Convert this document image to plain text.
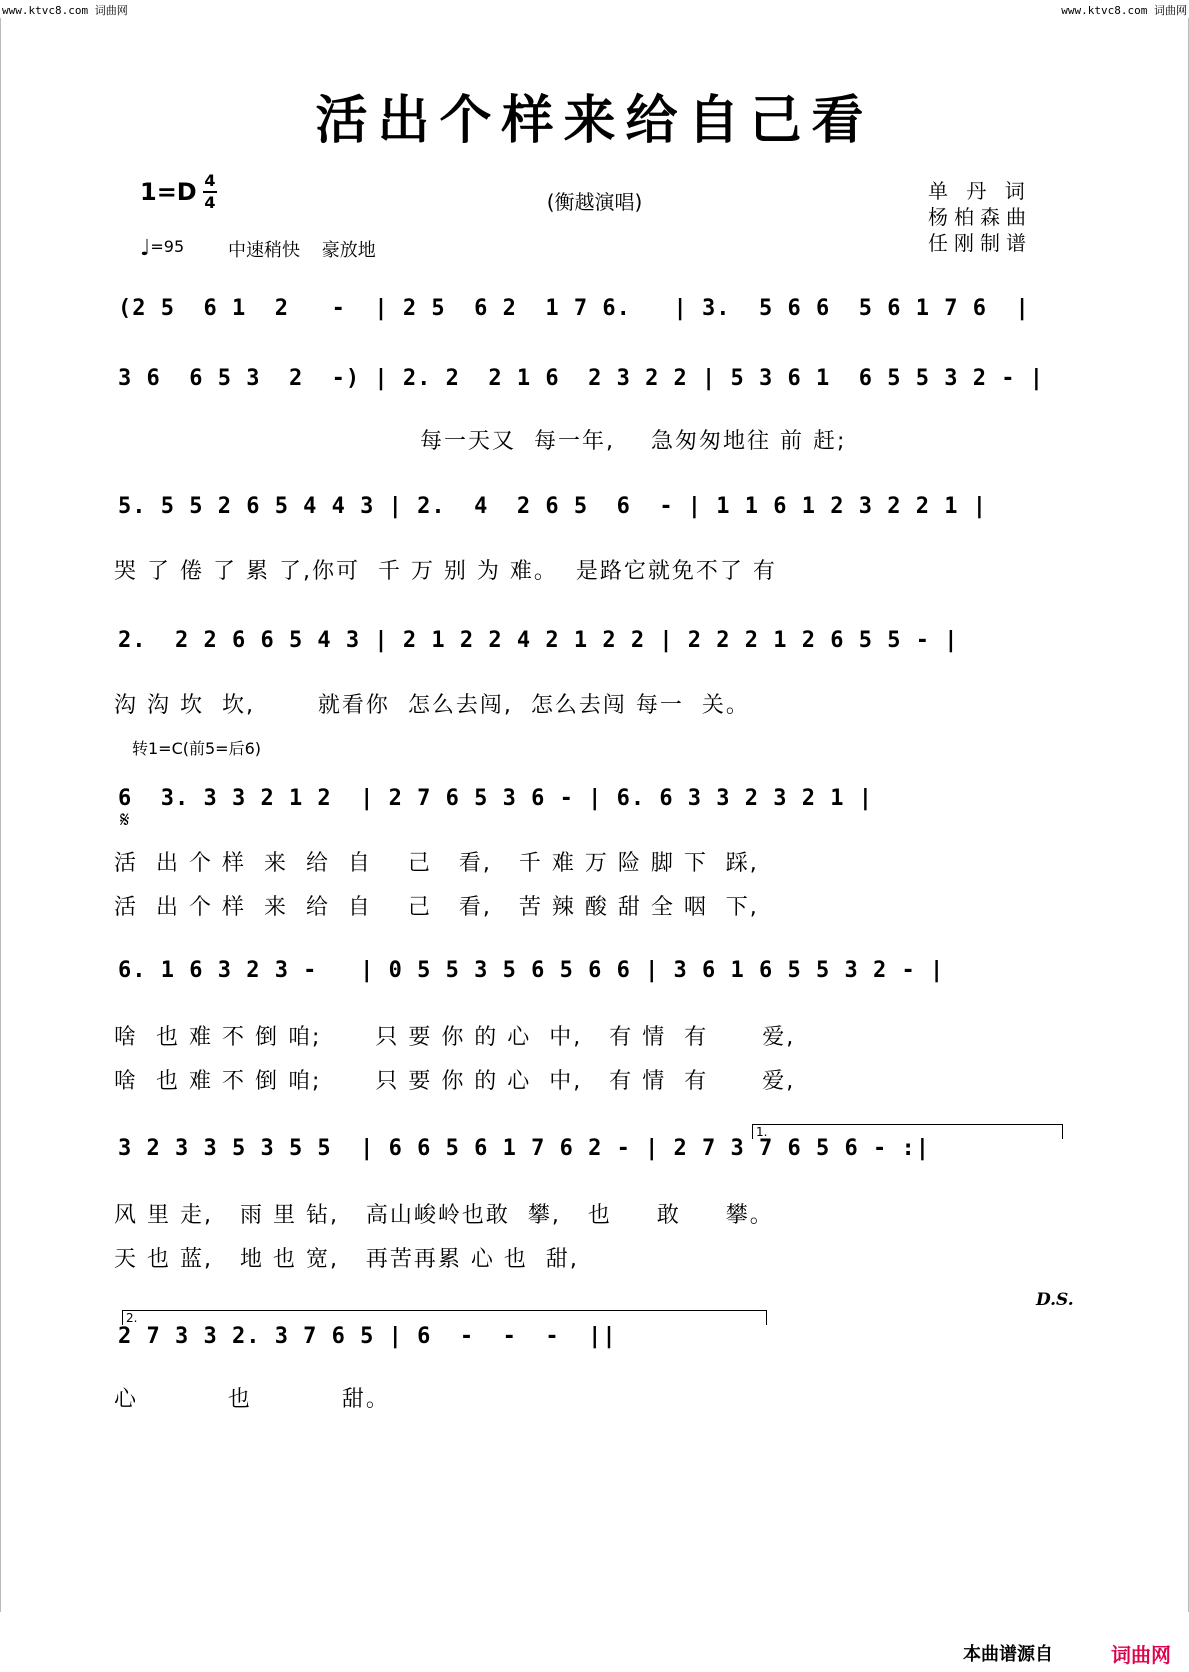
www.ktvc8.com 词曲网	www.ktvc8.com 词曲网
活出个样来给自己看
1=D 4
4	(衡越演唱)
♩=95 中速稍快 豪放地
单 丹 词
杨柏森曲
任刚制谱
(2 5  6 1  2   -  | 2 5  6 2  1 7 6.   | 3.  5 6 6  5 6 1 7 6  |
3 6  6 5 3  2  -) | 2. 2  2 1 6  2 3 2 2 | 5 3 6 1  6 5 5 3 2 - |
每一天又  每一年,    急匆匆地往 前 赶;
5. 5 5 2 6 5 4 4 3 | 2.  4  2 6 5  6  - | 1 1 6 1 2 3 2 2 1 |
哭 了 倦 了 累 了,你可  千 万 别 为 难。  是路它就免不了 有
2.  2 2 6 6 5 4 3 | 2 1 2 2 4 2 1 2 2 | 2 2 2 1 2 6 5 5 - |
沟 沟 坎  坎,       就看你  怎么去闯,  怎么去闯 每一  关。
转1=C(前5=后6)
𝄋
6  3. 3 3 2 1 2  | 2 7 6 5 3 6 - | 6. 6 3 3 2 3 2 1 |
活  出 个 样  来  给  自    己   看,   千 难 万 险 脚 下  踩,
活  出 个 样  来  给  自    己   看,   苦 辣 酸 甜 全 咽  下,
6. 1 6 3 2 3 -   | 0 5 5 3 5 6 5 6 6 | 3 6 1 6 5 5 3 2 - |
啥  也 难 不 倒 咱;      只 要 你 的 心  中,   有 情  有      爱,
啥  也 难 不 倒 咱;      只 要 你 的 心  中,   有 情  有      爱,
1.
3 2 3 3 5 3 5 5  | 6 6 5 6 1 7 6 2 - | 2 7 3 7 6 5 6 - :|
风 里 走,   雨 里 钻,   高山峻岭也敢  攀,   也     敢     攀。
D.S.
天 也 蓝,   地 也 宽,   再苦再累 心 也  甜,
2.
2 7 3 3 2. 3 7 6 5 | 6  -  -  -  ||
心          也          甜。
本曲谱源自	词曲网
